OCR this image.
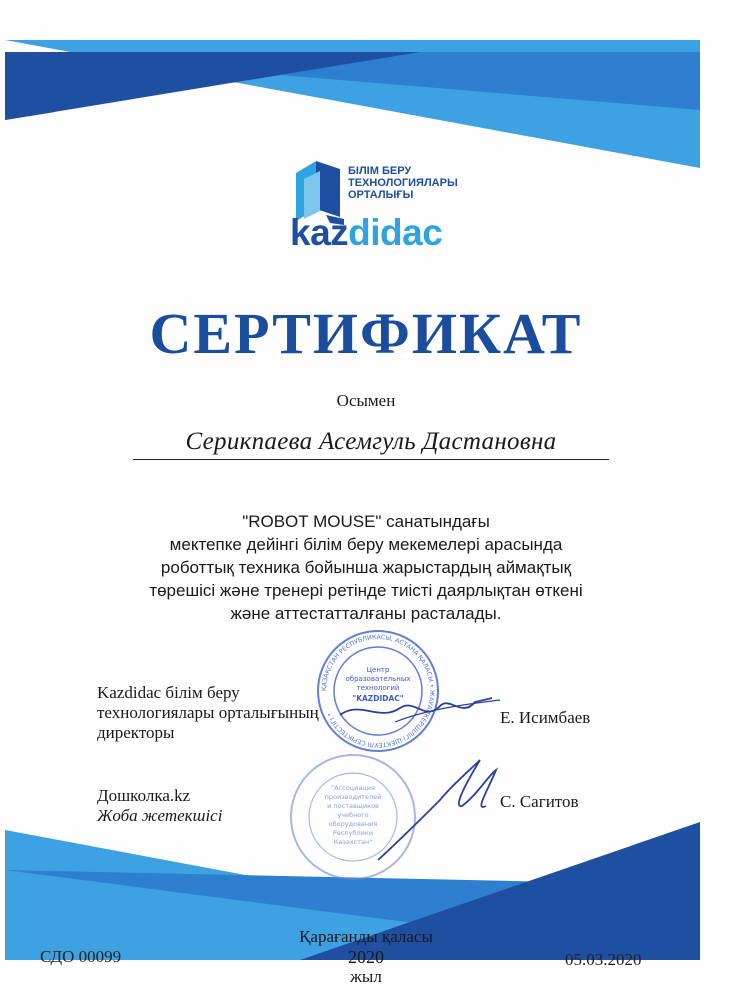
БІЛІМ БЕРУ
ТЕХНОЛОГИЯЛАРЫ
ОРТАЛЫҒЫ
kazdidac
СЕРТИФИКАТ

Осымен

Серикпаева Асемгуль Дастановна

"ROBOT MOUSE" санатындағы
мектепке дейінгі білім беру мекемелері арасында
роботтық техника бойынша жарыстардың аймақтық
төрешісі және тренері ретінде тиісті даярлықтан өткені
және аттестатталғаны расталады.
ҚАЗАҚСТАН РЕСПУБЛИКАСЫ, АСТАНА ҚАЛАСЫ • ЖАУАПКЕРШІЛІГІ ШЕКТЕУЛІ СЕРІКТЕСТІГІ •
Центр
образовательных
технологий
"KAZDIDAC"
"Ассоциация
производителей
и поставщиков
учебного
оборудования
Республики
Казахстан"
Kazdidac білім беру
технологиялары орталығының
директоры

Е. Исимбаев

Дошколка.kz
Жоба жетекшісі

С. Сагитов

Қарағанды қаласы
2020
жыл

СДО 00099	05.03.2020
